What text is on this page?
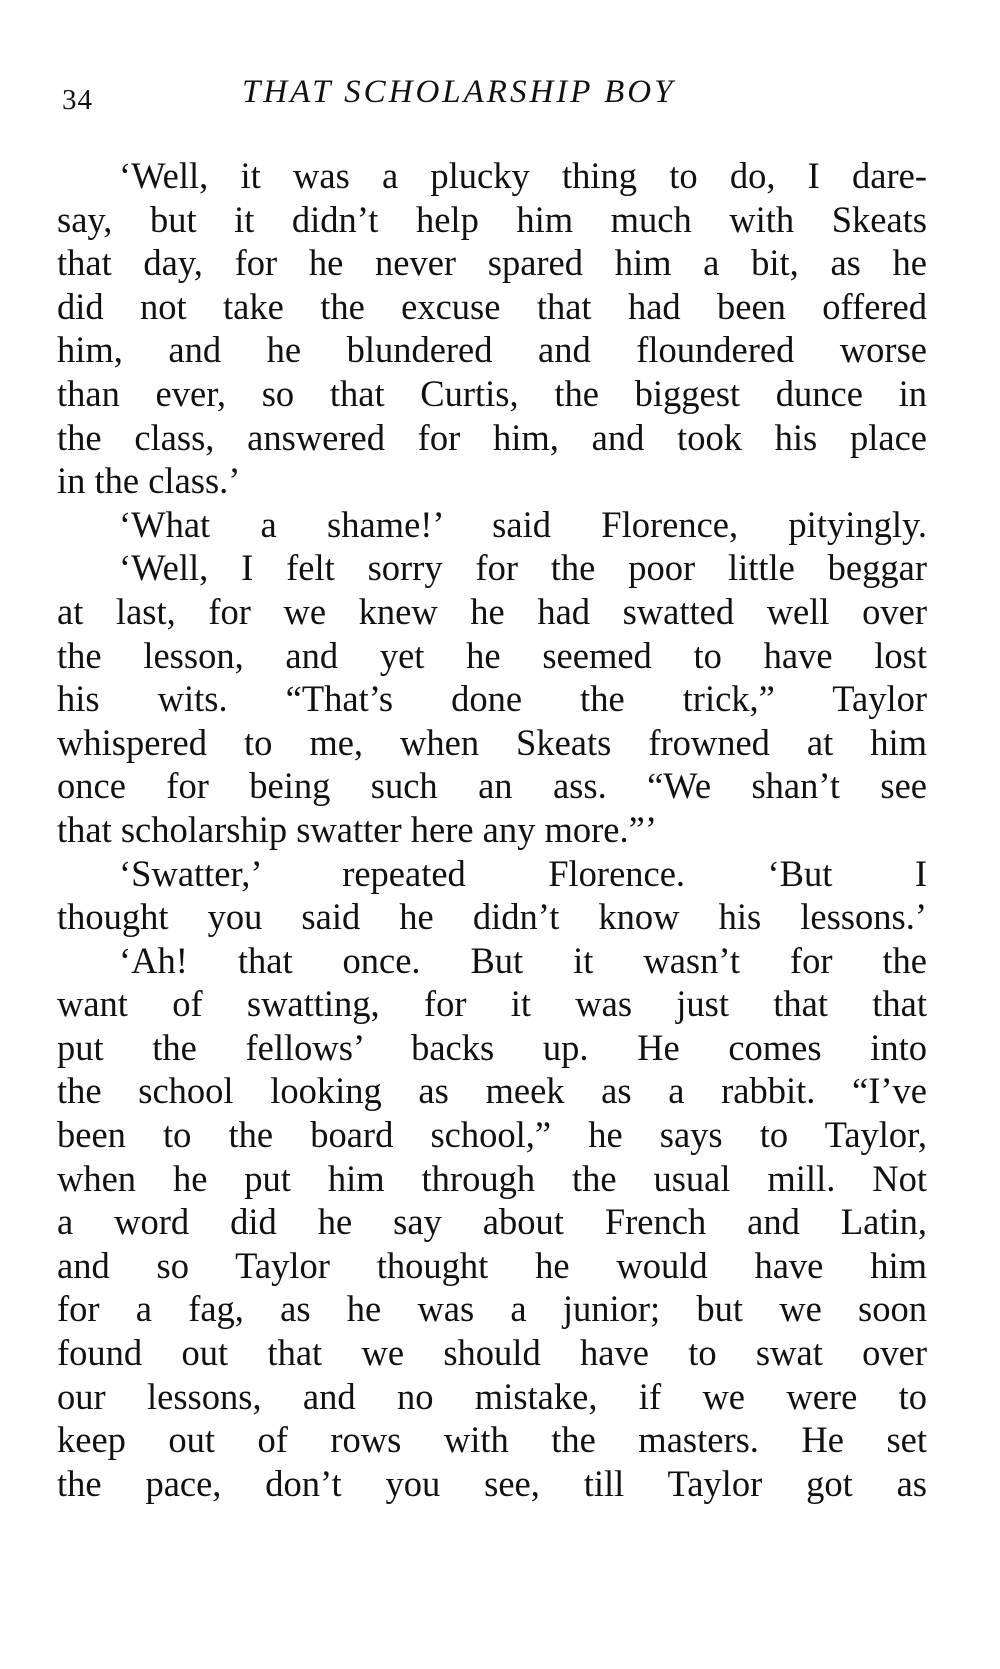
34	THAT SCHOLARSHIP BOY
‘Well, it was a plucky thing to do, I dare-
say, but it didn’t help him much with Skeats
that day, for he never spared him a bit, as he
did not take the excuse that had been offered
him, and he blundered and floundered worse
than ever, so that Curtis, the biggest dunce in
the class, answered for him, and took his place
in the class.’
‘What a shame!’ said Florence, pityingly.
‘Well, I felt sorry for the poor little beggar
at last, for we knew he had swatted well over
the lesson, and yet he seemed to have lost
his wits. “That’s done the trick,” Taylor
whispered to me, when Skeats frowned at him
once for being such an ass. “We shan’t see
that scholarship swatter here any more.”’
‘Swatter,’ repeated Florence. ‘But I
thought you said he didn’t know his lessons.’
‘Ah! that once. But it wasn’t for the
want of swatting, for it was just that that
put the fellows’ backs up. He comes into
the school looking as meek as a rabbit. “I’ve
been to the board school,” he says to Taylor,
when he put him through the usual mill. Not
a word did he say about French and Latin,
and so Taylor thought he would have him
for a fag, as he was a junior; but we soon
found out that we should have to swat over
our lessons, and no mistake, if we were to
keep out of rows with the masters. He set
the pace, don’t you see, till Taylor got as
